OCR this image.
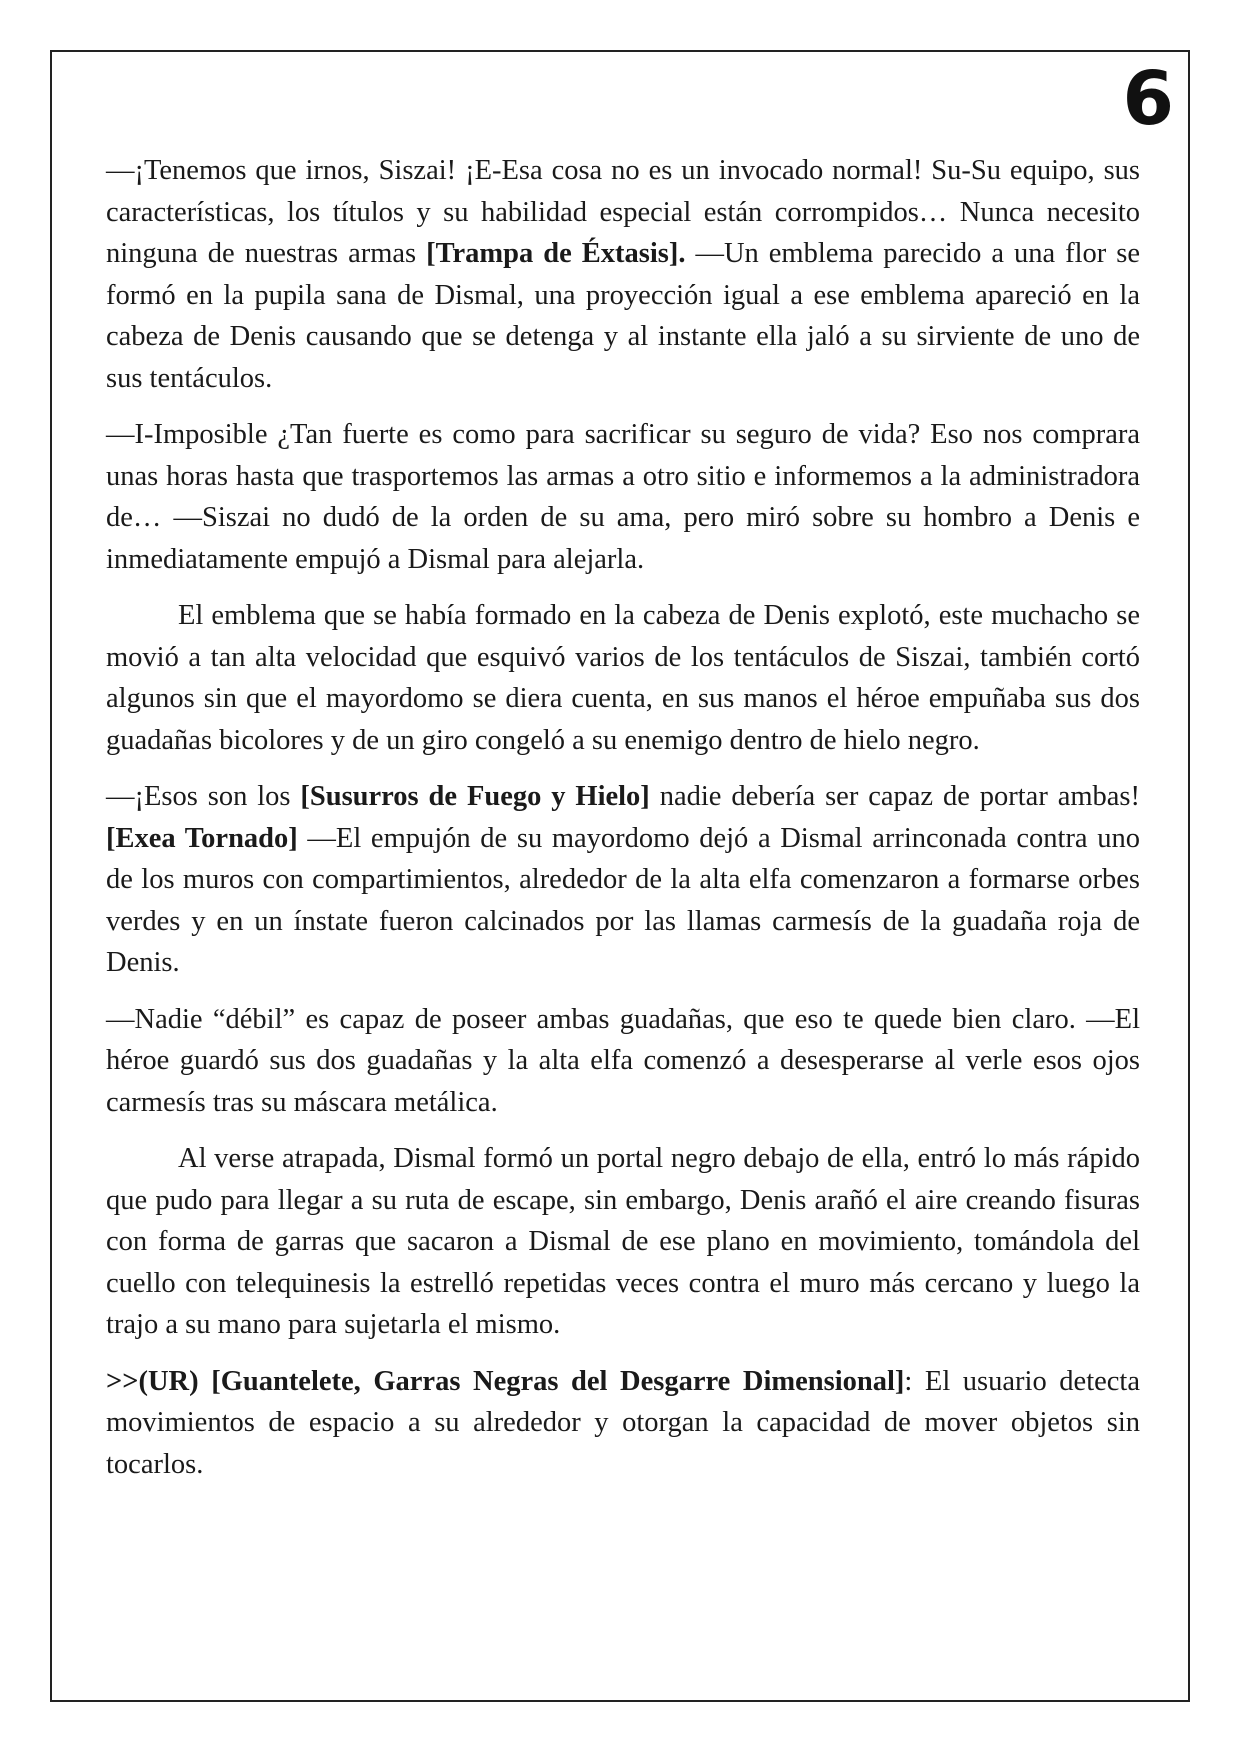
6

—¡Tenemos que irnos, Siszai! ¡E-Esa cosa no es un invocado normal! Su-Su equipo, sus características, los títulos y su habilidad especial están corrompidos… Nunca necesito ninguna de nuestras armas [Trampa de Éxtasis]. —Un emblema parecido a una flor se formó en la pupila sana de Dismal, una proyección igual a ese emblema apareció en la cabeza de Denis causando que se detenga y al instante ella jaló a su sirviente de uno de sus tentáculos.

—I-Imposible ¿Tan fuerte es como para sacrificar su seguro de vida? Eso nos comprara unas horas hasta que trasportemos las armas a otro sitio e informemos a la administradora de… —Siszai no dudó de la orden de su ama, pero miró sobre su hombro a Denis e inmediatamente empujó a Dismal para alejarla.

El emblema que se había formado en la cabeza de Denis explotó, este muchacho se movió a tan alta velocidad que esquivó varios de los tentáculos de Siszai, también cortó algunos sin que el mayordomo se diera cuenta, en sus manos el héroe empuñaba sus dos guadañas bicolores y de un giro congeló a su enemigo dentro de hielo negro.

—¡Esos son los [Susurros de Fuego y Hielo] nadie debería ser capaz de portar ambas! [Exea Tornado] —El empujón de su mayordomo dejó a Dismal arrinconada contra uno de los muros con compartimientos, alrededor de la alta elfa comenzaron a formarse orbes verdes y en un ínstate fueron calcinados por las llamas carmesís de la guadaña roja de Denis.

—Nadie “débil” es capaz de poseer ambas guadañas, que eso te quede bien claro. —El héroe guardó sus dos guadañas y la alta elfa comenzó a desesperarse al verle esos ojos carmesís tras su máscara metálica.

Al verse atrapada, Dismal formó un portal negro debajo de ella, entró lo más rápido que pudo para llegar a su ruta de escape, sin embargo, Denis arañó el aire creando fisuras con forma de garras que sacaron a Dismal de ese plano en movimiento, tomándola del cuello con telequinesis la estrelló repetidas veces contra el muro más cercano y luego la trajo a su mano para sujetarla el mismo.

>>(UR) [Guantelete, Garras Negras del Desgarre Dimensional]: El usuario detecta movimientos de espacio a su alrededor y otorgan la capacidad de mover objetos sin tocarlos.
